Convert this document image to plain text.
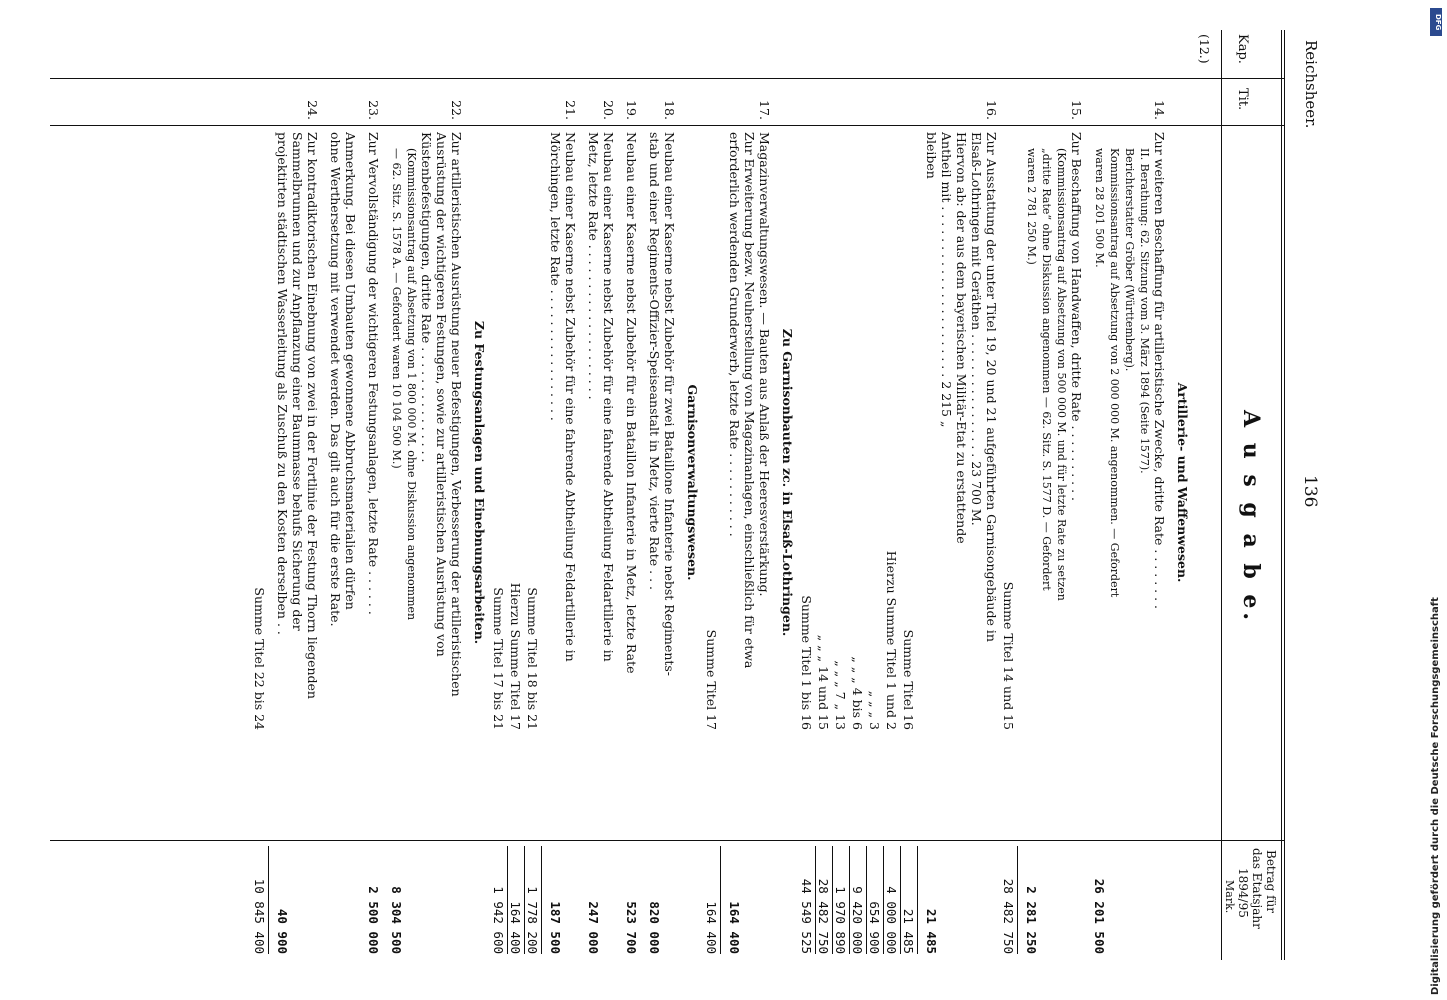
Reichsheer.
136
Kap.
Tit.
A u s g a b e.
Betrag für
das Etatsjahr
1894/95
Mark.
(12.)
Artillerie- und Waffenwesen.
14.
Zur weiteren Beschaffung für artilleristische Zwecke, dritte Rate . . . . . . . .
II. Berathung: 62. Sitzung vom 3. März 1894 (Seite 1577).
Berichterstatter Gröber (Württemberg).
Kommissionsantrag auf Absetzung von 2 000 000 M. angenommen. — Gefordert
waren 28 201 500 M.
26 201 500
15.
Zur Beschaffung von Handwaffen, dritte Rate . . . . . . . . . .
(Kommissionsantrag auf Absetzung von 500 000 M. und für letzte Rate zu setzen
„dritte Rate“ ohne Diskussion angenommen — 62. Sitz. S. 1577 D. — Gefordert
waren 2 781 250 M.)
2 281 250
Summe Titel 14 und 15
28 482 750
16.
Zur Ausstattung der unter Titel 19, 20 und 21 aufgeführten Garnisongebäude in
Elsaß-Lothringen mit Geräthen . . . . . . . . . . . . . . . . 23 700 M.
Hiervon ab: der aus dem bayerischen Militär-Etat zu erstattende
Antheil mit . . . . . . . . . . . . . . . . . . . . . . 2 215 „
bleiben
21 485
Summe Titel 16
21 485
Hierzu Summe Titel 1 und 2
4 000 000
„ „ „ 3
654 900
„ „ „ 4 bis 6
9 420 000
„ „ „ 7 „ 13
1 970 890
„ „ „ 14 und 15
28 482 750
Summe Titel 1 bis 16
44 549 525
Zu Garnisonbauten zc. in Elsaß-Lothringen.
17.
Magazinverwaltungswesen. — Bauten aus Anlaß der Heeresverstärkung.
Zur Erweiterung bezw. Neuherstellung von Magazinanlagen, einschließlich für etwa
erforderlich werdenden Grunderwerb, letzte Rate . . . . . . . . . . .
164 400
Summe Titel 17
164 400
Garnisonverwaltungswesen.
18.
Neubau einer Kaserne nebst Zubehör für zwei Bataillone Infanterie nebst Regiments-
stab und einer Regiments-Offizier-Speiseanstalt in Metz, vierte Rate . . .
820 000
19.
Neubau einer Kaserne nebst Zubehör für ein Bataillon Infanterie in Metz, letzte Rate
523 700
20.
Neubau einer Kaserne nebst Zubehör für eine fahrende Abtheilung Feldartillerie in
Metz, letzte Rate . . . . . . . . . . . . . . . . . . . .
247 000
21.
Neubau einer Kaserne nebst Zubehör für eine fahrende Abtheilung Feldartillerie in
Mörchingen, letzte Rate . . . . . . . . . . . . . . . . .
187 500
Summe Titel 18 bis 21
1 778 200
Hierzu Summe Titel 17
164 400
Summe Titel 17 bis 21
1 942 600
Zu Festungsanlagen und Einebnungsarbeiten.
22.
Zur artilleristischen Ausrüstung neuer Befestigungen, Verbesserung der artilleristischen
Ausrüstung der wichtigeren Festungen, sowie zur artilleristischen Ausrüstung von
Küstenbefestigungen, dritte Rate . . . . . . . . . . . . . . .
(Kommissionsantrag auf Absetzung von 1 800 000 M. ohne Diskussion angenommen
— 62. Sitz. S. 1578 A. — Gefordert waren 10 104 500 M.)
8 304 500
23.
Zur Vervollständigung der wichtigeren Festungsanlagen, letzte Rate . . . . . .
2 500 000
Anmerkung. Bei diesen Umbauten gewonnene Abbruchsmaterialien dürfen
ohne Werthersetzung mit verwendet werden. Das gilt auch für die erste Rate.
24.
Zur kontradiktorischen Einebnung von zwei in der Fortlinie der Festung Thorn liegenden
Sammelbrunnen und zur Anpflanzung einer Baummasse behufs Sicherung der
projektirten städtischen Wasserleitung als Zuschuß zu den Kosten derselben . .
40 900
Summe Titel 22 bis 24
10 845 400	Digitalisierung gefördert durch die Deutsche Forschungsgemeinschaft
DFG
